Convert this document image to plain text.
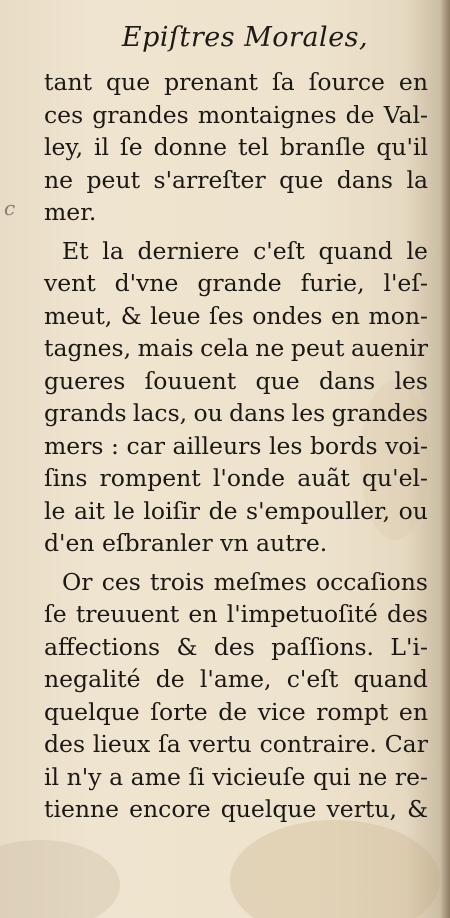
Epiſtres Morales,
c
tant que prenant ſa ſource en
ces grandes montaignes de Val-
ley, il ſe donne tel branſle qu'il
ne peut s'arreſter que dans la
mer.
Et la derniere c'eſt quand le
vent d'vne grande furie, l'eſ-
meut, & leue ſes ondes en mon-
tagnes, mais cela ne peut auenir
gueres ſouuent que dans les
grands lacs, ou dans les grandes
mers : car ailleurs les bords voi-
ſins rompent l'onde auãt qu'el-
le ait le loiſir de s'empouller, ou
d'en eſbranler vn autre.
Or ces trois meſmes occaſions
ſe treuuent en l'impetuoſité des
affections & des paſſions. L'i-
negalité de l'ame, c'eſt quand
quelque ſorte de vice rompt en
des lieux ſa vertu contraire. Car
il n'y a ame ſi vicieuſe qui ne re-
tienne encore quelque vertu, &
